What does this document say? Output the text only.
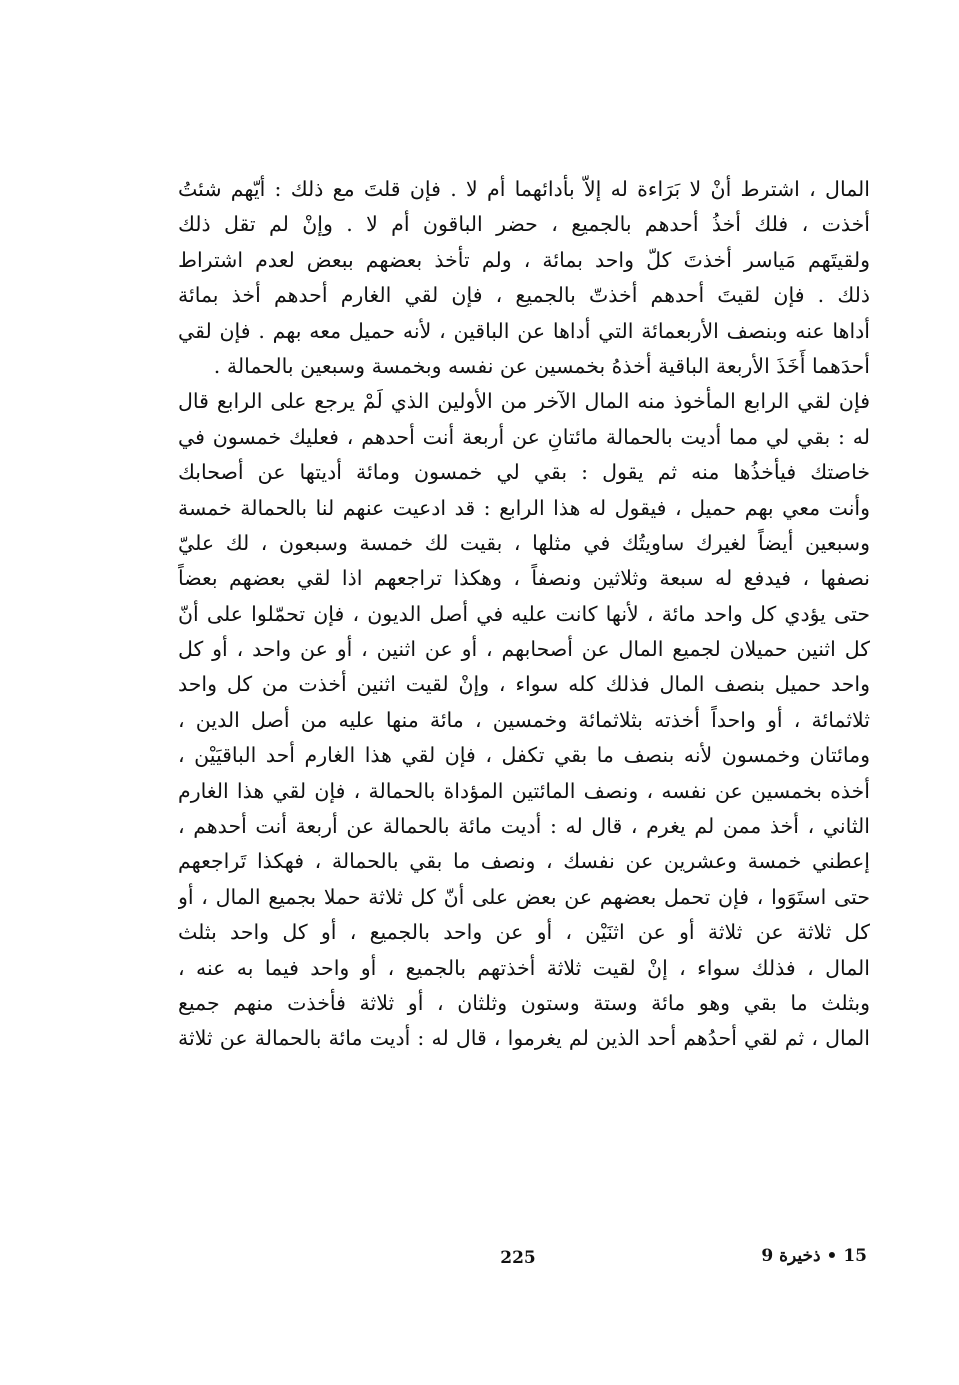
المال ، اشترط أنْ لا بَرَاءة له إلاّ بأدائهما أم لا . فإن قلتَ مع ذلك : أيّهم شئتُ
أخذت ، فلك أخذُ أحدهم بالجميع ، حضر الباقون أم لا . وإنْ لم تقل ذلك
ولقيتَهم مَياسر أخذتَ كلّ واحد بمائة ، ولم تأخذ بعضهم ببعض لعدم اشتراط
ذلك . فإن لقيتَ أحدهم أخذتّ بالجميع ، فإن لقي الغارم أحدهم أخذ بمائة
أداها عنه وبنصف الأربعمائة التي أداها عن الباقين ، لأنه حميل معه بهم . فإن لقي
أحدَهما أَخَذَ الأربعة الباقية أخذهُ بخمسين عن نفسه وبخمسة وسبعين بالحمالة .
فإن لقي الرابع المأخوذ منه المال الآخر من الأولين الذي لَمْ يرجع على الرابع قال
له : بقي لي مما أديت بالحمالة مائتانِ عن أربعة أنت أحدهم ، فعليك خمسون في
خاصتك فيأخذُها منه ثم يقول : بقي لي خمسون ومائة أديتها عن أصحابك
وأنت معي بهم حميل ، فيقول له هذا الرابع : قد ادعيت عنهم لنا بالحمالة خمسة
وسبعين أيضاً لغيرك ساويتُك في مثلها ، بقيت لك خمسة وسبعون ، لك عليّ
نصفها ، فيدفع له سبعة وثلاثين ونصفاً ، وهكذا تراجعهم اذا لقي بعضهم بعضاً
حتى يؤدي كل واحد مائة ، لأنها كانت عليه في أصل الديون ، فإن تحمّلوا على أنّ
كل اثنين حميلان لجميع المال عن أصحابهم ، أو عن اثنين ، أو عن واحد ، أو كل
واحد حميل بنصف المال فذلك كله سواء ، وإنْ لقيت اثنين أخذت من كل واحد
ثلاثمائة ، أو واحداً أخذته بثلاثمائة وخمسين ، مائة منها عليه من أصل الدين ،
ومائتان وخمسون لأنه بنصف ما بقي تكفل ، فإن لقي هذا الغارم أحد الباقيَيْن ،
أخذه بخمسين عن نفسه ، ونصف المائتين المؤداة بالحمالة ، فإن لقي هذا الغارم
الثاني ، أخذ ممن لم يغرم ، قال له : أديت مائة بالحمالة عن أربعة أنت أحدهم ،
إعطني خمسة وعشرين عن نفسك ، ونصف ما بقي بالحمالة ، فهكذا تَراجعهم
حتى استَوَوا ، فإن تحمل بعضهم عن بعض على أنّ كل ثلاثة حملا بجميع المال ، أو
كل ثلاثة عن ثلاثة أو عن اثنَيْن ، أو عن واحد بالجميع ، أو كل واحد بثلث
المال ، فذلك سواء ، إنْ لقيت ثلاثة أخذتهم بالجميع ، أو واحد فيما به عنه ،
وبثلث ما بقي وهو مائة وستة وستون وثلثان ، أو ثلاثة فأخذت منهم جميع
المال ، ثم لقي أحدُهم أحد الذين لم يغرموا ، قال له : أديت مائة بالحمالة عن ثلاثة
225	15 • ذخيرة 9
